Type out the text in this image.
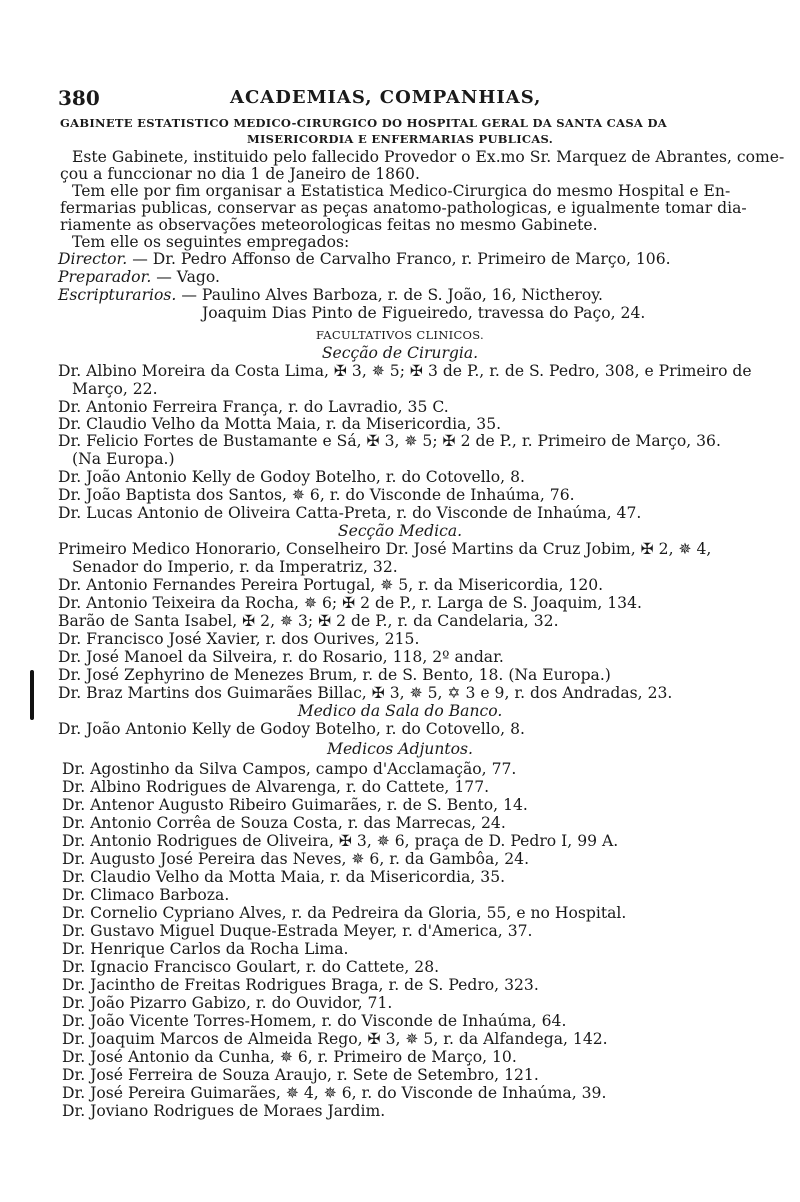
380	ACADEMIAS, COMPANHIAS,
GABINETE ESTATISTICO MEDICO-CIRURGICO DO HOSPITAL GERAL DA SANTA CASA DA
MISERICORDIA E ENFERMARIAS PUBLICAS.
Este Gabinete, instituido pelo fallecido Provedor o Ex.mo Sr. Marquez de Abrantes, come-
çou a funccionar no dia 1 de Janeiro de 1860.
Tem elle por fim organisar a Estatistica Medico-Cirurgica do mesmo Hospital e En-
fermarias publicas, conservar as peças anatomo-pathologicas, e igualmente tomar dia-
riamente as observações meteorologicas feitas no mesmo Gabinete.
Tem elle os seguintes empregados:
Director. — Dr. Pedro Affonso de Carvalho Franco, r. Primeiro de Março, 106.
Preparador. — Vago.
Escripturarios. — Paulino Alves Barboza, r. de S. João, 16, Nictheroy.
Joaquim Dias Pinto de Figueiredo, travessa do Paço, 24.
FACULTATIVOS CLINICOS.
Secção de Cirurgia.
Dr. Albino Moreira da Costa Lima, ✠ 3, ✵ 5; ✠ 3 de P., r. de S. Pedro, 308, e Primeiro de
Março, 22.
Dr. Antonio Ferreira França, r. do Lavradio, 35 C.
Dr. Claudio Velho da Motta Maia, r. da Misericordia, 35.
Dr. Felicio Fortes de Bustamante e Sá, ✠ 3, ✵ 5; ✠ 2 de P., r. Primeiro de Março, 36.
(Na Europa.)
Dr. João Antonio Kelly de Godoy Botelho, r. do Cotovello, 8.
Dr. João Baptista dos Santos, ✵ 6, r. do Visconde de Inhaúma, 76.
Dr. Lucas Antonio de Oliveira Catta-Preta, r. do Visconde de Inhaúma, 47.
Secção Medica.
Primeiro Medico Honorario, Conselheiro Dr. José Martins da Cruz Jobim, ✠ 2, ✵ 4,
Senador do Imperio, r. da Imperatriz, 32.
Dr. Antonio Fernandes Pereira Portugal, ✵ 5, r. da Misericordia, 120.
Dr. Antonio Teixeira da Rocha, ✵ 6; ✠ 2 de P., r. Larga de S. Joaquim, 134.
Barão de Santa Isabel, ✠ 2, ✵ 3; ✠ 2 de P., r. da Candelaria, 32.
Dr. Francisco José Xavier, r. dos Ourives, 215.
Dr. José Manoel da Silveira, r. do Rosario, 118, 2º andar.
Dr. José Zephyrino de Menezes Brum, r. de S. Bento, 18. (Na Europa.)
Dr. Braz Martins dos Guimarães Billac, ✠ 3, ✵ 5, ✡ 3 e 9, r. dos Andradas, 23.
Medico da Sala do Banco.
Dr. João Antonio Kelly de Godoy Botelho, r. do Cotovello, 8.
Medicos Adjuntos.
Dr. Agostinho da Silva Campos, campo d'Acclamação, 77.
Dr. Albino Rodrigues de Alvarenga, r. do Cattete, 177.
Dr. Antenor Augusto Ribeiro Guimarães, r. de S. Bento, 14.
Dr. Antonio Corrêa de Souza Costa, r. das Marrecas, 24.
Dr. Antonio Rodrigues de Oliveira, ✠ 3, ✵ 6, praça de D. Pedro I, 99 A.
Dr. Augusto José Pereira das Neves, ✵ 6, r. da Gambôa, 24.
Dr. Claudio Velho da Motta Maia, r. da Misericordia, 35.
Dr. Climaco Barboza.
Dr. Cornelio Cypriano Alves, r. da Pedreira da Gloria, 55, e no Hospital.
Dr. Gustavo Miguel Duque-Estrada Meyer, r. d'America, 37.
Dr. Henrique Carlos da Rocha Lima.
Dr. Ignacio Francisco Goulart, r. do Cattete, 28.
Dr. Jacintho de Freitas Rodrigues Braga, r. de S. Pedro, 323.
Dr. João Pizarro Gabizo, r. do Ouvidor, 71.
Dr. João Vicente Torres-Homem, r. do Visconde de Inhaúma, 64.
Dr. Joaquim Marcos de Almeida Rego, ✠ 3, ✵ 5, r. da Alfandega, 142.
Dr. José Antonio da Cunha, ✵ 6, r. Primeiro de Março, 10.
Dr. José Ferreira de Souza Araujo, r. Sete de Setembro, 121.
Dr. José Pereira Guimarães, ✵ 4, ✵ 6, r. do Visconde de Inhaúma, 39.
Dr. Joviano Rodrigues de Moraes Jardim.
